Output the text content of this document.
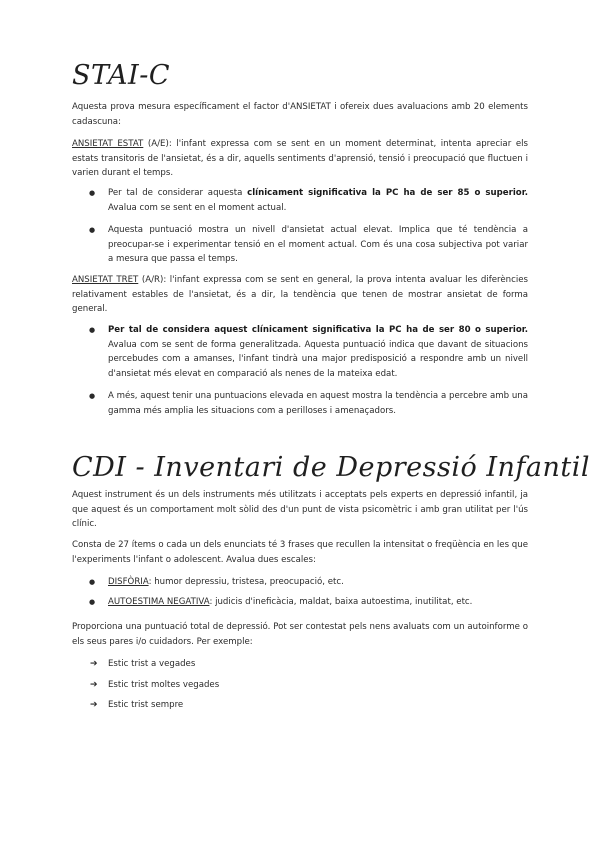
STAI-C

Aquesta prova mesura específicament el factor d'ANSIETAT i ofereix dues avaluacions amb 20 elements cadascuna:

ANSIETAT ESTAT (A/E): l'infant expressa com se sent en un moment determinat, intenta apreciar els estats transitoris de l'ansietat, és a dir, aquells sentiments d'aprensió, tensió i preocupació que fluctuen i varien durant el temps.

● Per tal de considerar aquesta clínicament significativa la PC ha de ser 85 o superior. Avalua com se sent en el moment actual.
● Aquesta puntuació mostra un nivell d'ansietat actual elevat. Implica que té tendència a preocupar-se i experimentar tensió en el moment actual. Com és una cosa subjectiva pot variar a mesura que passa el temps.

ANSIETAT TRET (A/R): l'infant expressa com se sent en general, la prova intenta avaluar les diferències relativament estables de l'ansietat, és a dir, la tendència que tenen de mostrar ansietat de forma general.

● Per tal de considera aquest clínicament significativa la PC ha de ser 80 o superior. Avalua com se sent de forma generalitzada. Aquesta puntuació indica que davant de situacions percebudes com a amanses, l'infant tindrà una major predisposició a respondre amb un nivell d'ansietat més elevat en comparació als nenes de la mateixa edat.
● A més, aquest tenir una puntuacions elevada en aquest mostra la tendència a percebre amb una gamma més amplia les situacions com a perilloses i amenaçadors.
CDI - Inventari de Depressió Infantil

Aquest instrument és un dels instruments més utilitzats i acceptats pels experts en depressió infantil, ja que aquest és un comportament molt sòlid des d'un punt de vista psicomètric i amb gran utilitat per l'ús clínic.

Consta de 27 ítems o cada un dels enunciats té 3 frases que recullen la intensitat o freqüència en les que l'experiments l'infant o adolescent. Avalua dues escales:

● DISFÒRIA: humor depressiu, tristesa, preocupació, etc.
● AUTOESTIMA NEGATIVA: judicis d'ineficàcia, maldat, baixa autoestima, inutilitat, etc.

Proporciona una puntuació total de depressió. Pot ser contestat pels nens avaluats com un autoinforme o els seus pares i/o cuidadors. Per exemple:

➔ Estic trist a vegades
➔ Estic trist moltes vegades
➔ Estic trist sempre
